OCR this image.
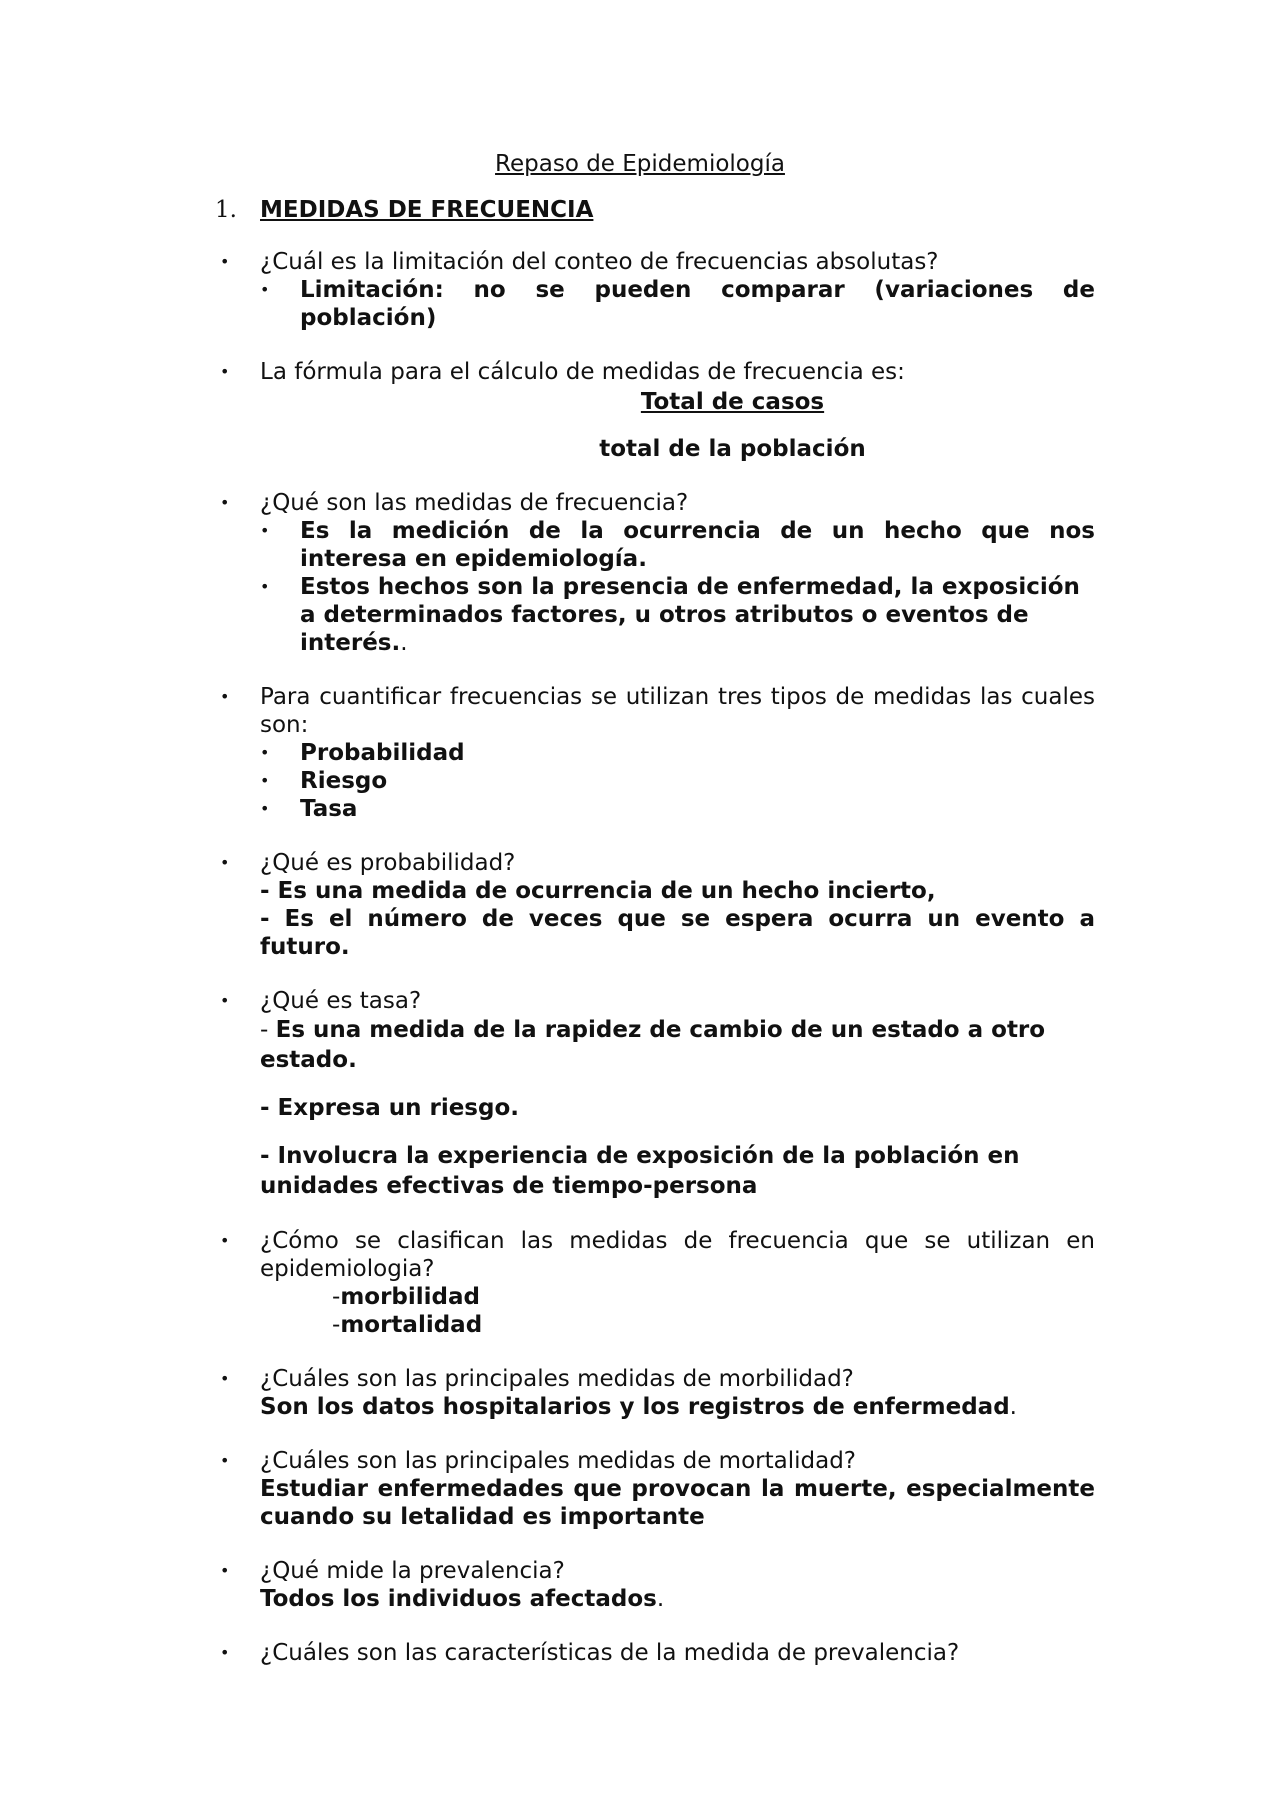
Repaso de Epidemiología
1. MEDIDAS DE FRECUENCIA
• ¿Cuál es la limitación del conteo de frecuencias absolutas?
• Limitación: no se pueden comparar (variaciones de población)
• La fórmula para el cálculo de medidas de frecuencia es:
Total de casos
total de la población
• ¿Qué son las medidas de frecuencia?
• Es la medición de la ocurrencia de un hecho que nos interesa en epidemiología.
• Estos hechos son la presencia de enfermedad, la exposición a determinados factores, u otros atributos o eventos de interés..
• Para cuantificar frecuencias se utilizan tres tipos de medidas las cuales son:
• Probabilidad
• Riesgo
• Tasa
• ¿Qué es probabilidad?
- Es una medida de ocurrencia de un hecho incierto,
- Es el número de veces que se espera ocurra un evento a futuro.
• ¿Qué es tasa?
- Es una medida de la rapidez de cambio de un estado a otro estado.
- Expresa un riesgo.
- Involucra la experiencia de exposición de la población en unidades efectivas de tiempo-persona
• ¿Cómo se clasifican las medidas de frecuencia que se utilizan en epidemiologia?
-morbilidad
-mortalidad
• ¿Cuáles son las principales medidas de morbilidad?
Son los datos hospitalarios y los registros de enfermedad.
• ¿Cuáles son las principales medidas de mortalidad?
Estudiar enfermedades que provocan la muerte, especialmente cuando su letalidad es importante
• ¿Qué mide la prevalencia?
Todos los individuos afectados.
• ¿Cuáles son las características de la medida de prevalencia?
